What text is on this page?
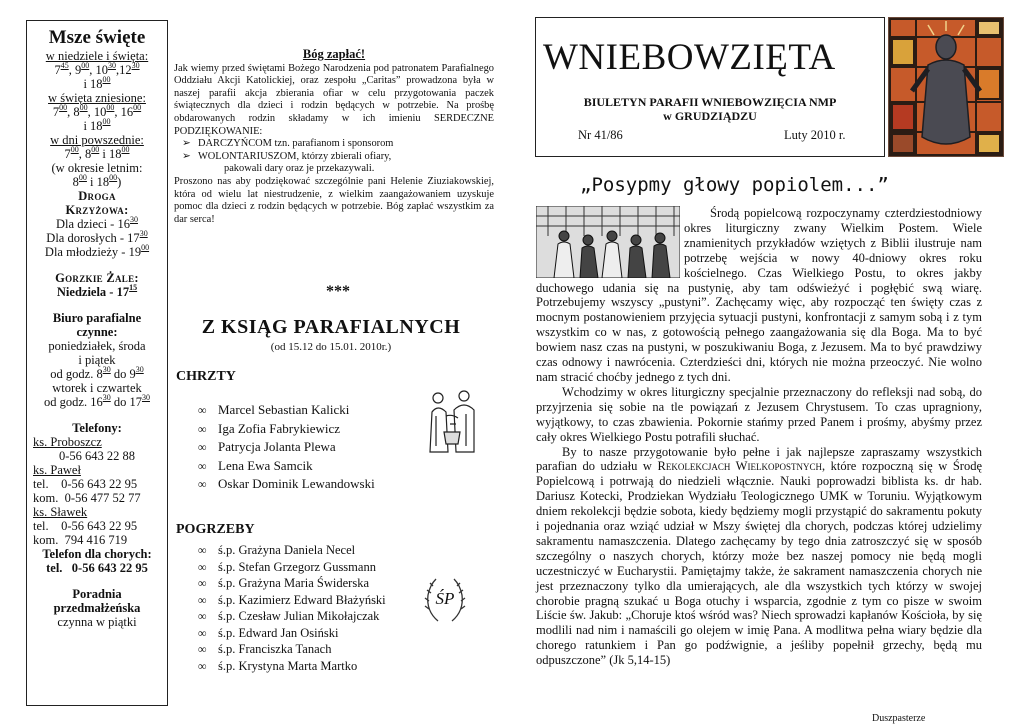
Msze święte
w niedziele i święta:
$7^{45}$, $9^{00}$, $10^{30},12^{30}$
i $18^{00}$
w święta zniesione:
$7^{00}$, $8^{00}$, $10^{00}$, $16^{00}$
i $18^{00}$
w dni powszednie:
$7^{00}$, $8^{00}$ i $18^{00}$
(w okresie letnim:
$8^{00}$ i $18^{00}$)
Droga
Krzyżowa:
Dla dzieci - $16^{30}$
Dla dorosłych - $17^{30}$
Dla młodzieży - $19^{00}$
Gorzkie Żale:
Niedziela - $17^{15}$
Biuro parafialne
czynne:
poniedziałek, środa
i piątek
od godz. $8^{30}$ do $9^{30}$
wtorek i czwartek
od godz. $16^{30}$ do $17^{30}$
Telefony:
ks. Proboszcz
0-56 643 22 88
ks. Paweł
tel.    0-56 643 22 95
kom.  0-56 477 52 77
ks. Sławek
tel.    0-56 643 22 95
kom.  794 416 719
Telefon dla chorych:
tel.   0-56 643 22 95
Poradnia
przedmałżeńska
czynna w piątki
Bóg zapłać!
Jak wiemy przed świętami Bożego Narodzenia pod patronatem Parafialnego Oddziału Akcji Katolickiej, oraz zespołu „Caritas” prowadzona była w naszej parafii akcja zbierania ofiar w celu przygotowania paczek świątecznych dla dzieci i rodzin będących w potrzebie. Na prośbę obdarowanych rodzin składamy w ich imieniu SERDECZNE PODZIĘKOWANIE:
➢ DARCZYŃCOM tzn. parafianom i sponsorom
➢ WOLONTARIUSZOM, którzy zbierali ofiary,
pakowali dary oraz je przekazywali.
Proszono nas aby podziękować szczególnie pani Helenie Ziuziakowskiej, która od wielu lat niestrudzenie, z wielkim zaangażowaniem uzyskuje pomoc dla dzieci z rodzin będących w potrzebie. Bóg zapłać wszystkim za dar serca!
***
Z KSIĄG PARAFIALNYCH
(od 15.12 do 15.01. 2010r.)
CHRZTY
∞ Marcel Sebastian Kalicki
∞ Iga Zofia Fabrykiewicz
∞ Patrycja Jolanta Plewa
∞ Lena Ewa Samcik
∞ Oskar Dominik Lewandowski
POGRZEBY
∞ ś.p. Grażyna Daniela Necel
∞ ś.p. Stefan Grzegorz Gussmann
∞ ś.p. Grażyna Maria Świderska
∞ ś.p. Kazimierz Edward Błażyński
∞ ś.p. Czesław Julian Mikołajczak
∞ ś.p. Edward Jan Osiński
∞ ś.p. Franciszka Tanach
∞ ś.p. Krystyna Marta Martko
ŚP
WNIEBOWZIĘTA
BIULETYN PARAFII WNIEBOWZIĘCIA NMP
w GRUDZIĄDZU
Nr 41/86	Luty 2010 r.
„Posypmy głowy popiolem...”

Środą popielcową rozpoczynamy czterdziestodniowy okres liturgiczny zwany Wielkim Postem. Wiele znamienitych przykładów wziętych z Biblii ilustruje nam potrzebę wejścia w nowy 40-dniowy okres roku kościelnego. Czas Wielkiego Postu, to okres jakby duchowego udania się na pustynię, aby tam odświeżyć i pogłębić swą wiarę. Potrzebujemy wszyscy „pustyni”. Zachęcamy więc, aby rozpocząć ten święty czas z mocnym postanowieniem przyjęcia sytuacji pustyni, konfrontacji z samym sobą i z tym wszystkim co w nas, z gotowością pełnego zaangażowania się dla Boga. Ma to być bowiem nasz czas na pustyni, w poszukiwaniu Boga, z Jezusem. Ma to być prawdziwy czas odnowy i nawrócenia. Czterdzieści dni, których nie można przeoczyć. Nie wolno nam stracić choćby jednego z tych dni.

Wchodzimy w okres liturgiczny specjalnie przeznaczony do refleksji nad sobą, do przyjrzenia się sobie na tle powiązań z Jezusem Chrystusem. To czas upragniony, wyjątkowy, to czas zbawienia. Pokornie stańmy przed Panem i prośmy, abyśmy przez cały okres Wielkiego Postu potrafili słuchać.

By to nasze przygotowanie było pełne i jak najlepsze zapraszamy wszystkich parafian do udziału w Rekolekcjach Wielkopostnych, które rozpoczną się w Środę Popielcową i potrwają do niedzieli włącznie. Nauki poprowadzi biblista ks. dr hab. Dariusz Kotecki, Prodziekan Wydziału Teologicznego UMK w Toruniu. Wyjątkowym dniem rekolekcji będzie sobota, kiedy będziemy mogli przystąpić do sakramentu pokuty i pojednania oraz wziąć udział w Mszy świętej dla chorych, podczas której udzielimy sakramentu namaszczenia. Dlatego zachęcamy by tego dnia zatroszczyć się w sposób szczególny o naszych chorych, którzy może bez naszej pomocy nie będą mogli uczestniczyć w Eucharystii. Pamiętajmy także, że sakrament namaszczenia chorych nie jest przeznaczony tylko dla umierających, ale dla wszystkich tych którzy w swojej chorobie pragną szukać u Boga otuchy i wsparcia, zgodnie z tym co pisze w swoim Liście św. Jakub: „Choruje ktoś wśród was? Niech sprowadzi kapłanów Kościoła, by się modlili nad nim i namaścili go olejem w imię Pana. A modlitwa pełna wiary będzie dla chorego ratunkiem i Pan go podźwignie, a jeśliby popełnił grzechy, będą mu odpuszczone” (Jk 5,14-15)

Duszpasterze
